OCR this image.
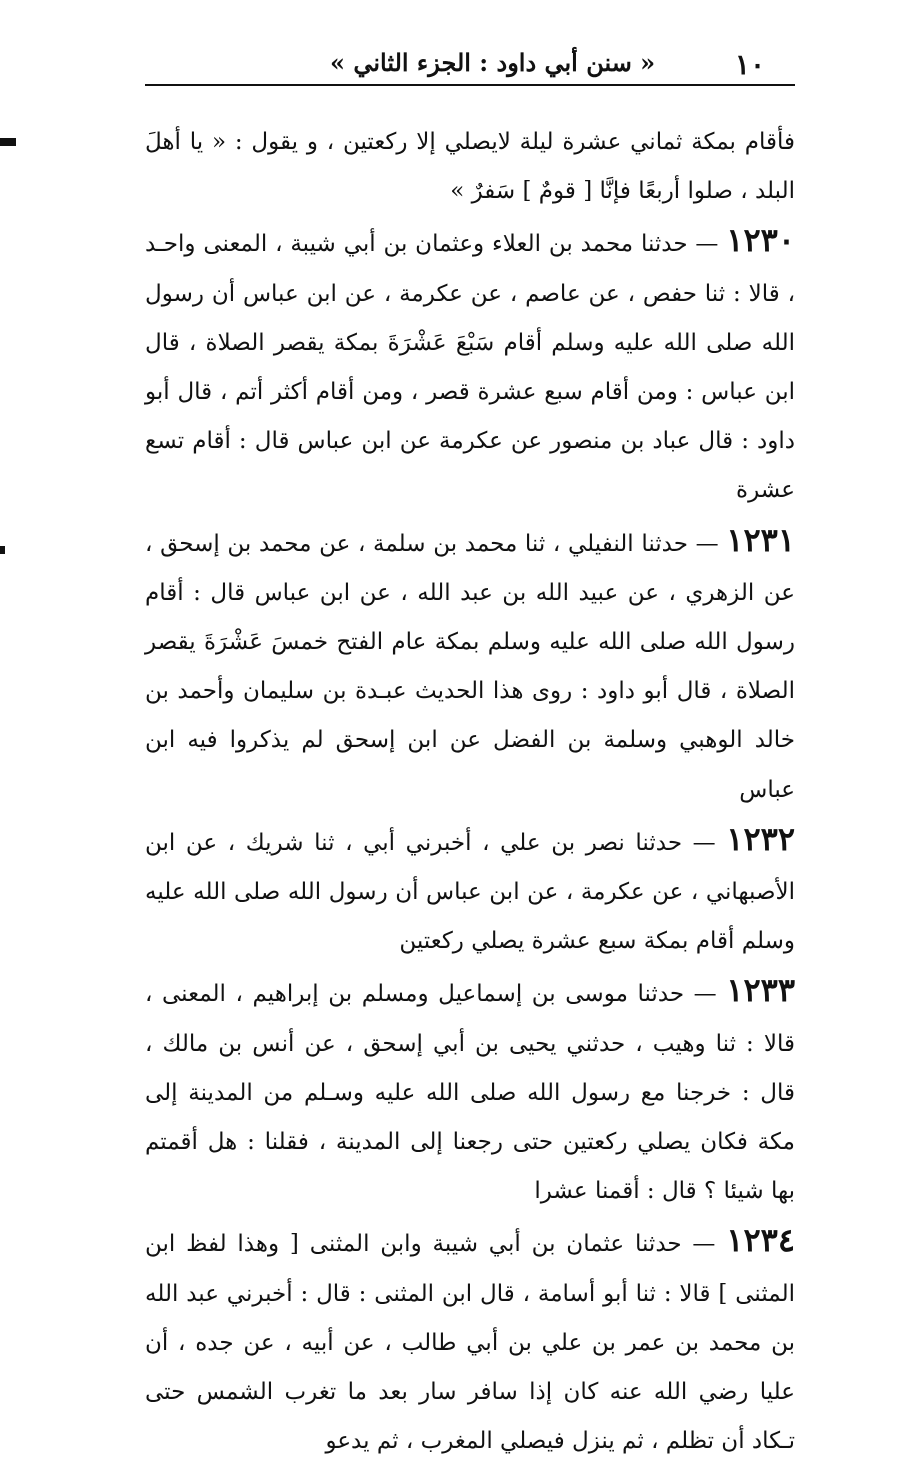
١٠
« سنن أبي داود : الجزء الثاني »

فأقام بمكة ثماني عشرة ليلة لايصلي إلا ركعتين ، و يقول : « يا أهلَ البلد ، صلوا أربعًا فإنَّا [ قومٌ ] سَفرٌ »

١٢٣٠ — حدثنا محمد بن العلاء وعثمان بن أبي شيبة ، المعنى واحـد ، قالا : ثنا حفص ، عن عاصم ، عن عكرمة ، عن ابن عباس أن رسول الله صلى الله عليه وسلم أقام سَبْعَ عَشْرَةَ بمكة يقصر الصلاة ، قال ابن عباس : ومن أقام سبع عشرة قصر ، ومن أقام أكثر أتم ، قال أبو داود : قال عباد بن منصور عن عكرمة عن ابن عباس قال : أقام تسع عشرة

١٢٣١ — حدثنا النفيلي ، ثنا محمد بن سلمة ، عن محمد بن إسحق ، عن الزهري ، عن عبيد الله بن عبد الله ، عن ابن عباس قال : أقام رسول الله صلى الله عليه وسلم بمكة عام الفتح خمسَ عَشْرَةَ يقصر الصلاة ، قال أبو داود : روى هذا الحديث عبـدة بن سليمان وأحمد بن خالد الوهبي وسلمة بن الفضل عن ابن إسحق لم يذكروا فيه ابن عباس

١٢٣٢ — حدثنا نصر بن علي ، أخبرني أبي ، ثنا شريك ، عن ابن الأصبهاني ، عن عكرمة ، عن ابن عباس أن رسول الله صلى الله عليه وسلم أقام بمكة سبع عشرة يصلي ركعتين

١٢٣٣ — حدثنا موسى بن إسماعيل ومسلم بن إبراهيم ، المعنى ، قالا : ثنا وهيب ، حدثني يحيى بن أبي إسحق ، عن أنس بن مالك ، قال : خرجنا مع رسول الله صلى الله عليه وسـلم من المدينة إلى مكة فكان يصلي ركعتين حتى رجعنا إلى المدينة ، فقلنا : هل أقمتم بها شيئا ؟ قال : أقمنا عشرا

١٢٣٤ — حدثنا عثمان بن أبي شيبة وابن المثنى [ وهذا لفظ ابن المثنى ] قالا : ثنا أبو أسامة ، قال ابن المثنى : قال : أخبرني عبد الله بن محمد بن عمر بن علي بن أبي طالب ، عن أبيه ، عن جده ، أن عليا رضي الله عنه كان إذا سافر سار بعد ما تغرب الشمس حتى تـكاد أن تظلم ، ثم ينزل فيصلي المغرب ، ثم يدعو
